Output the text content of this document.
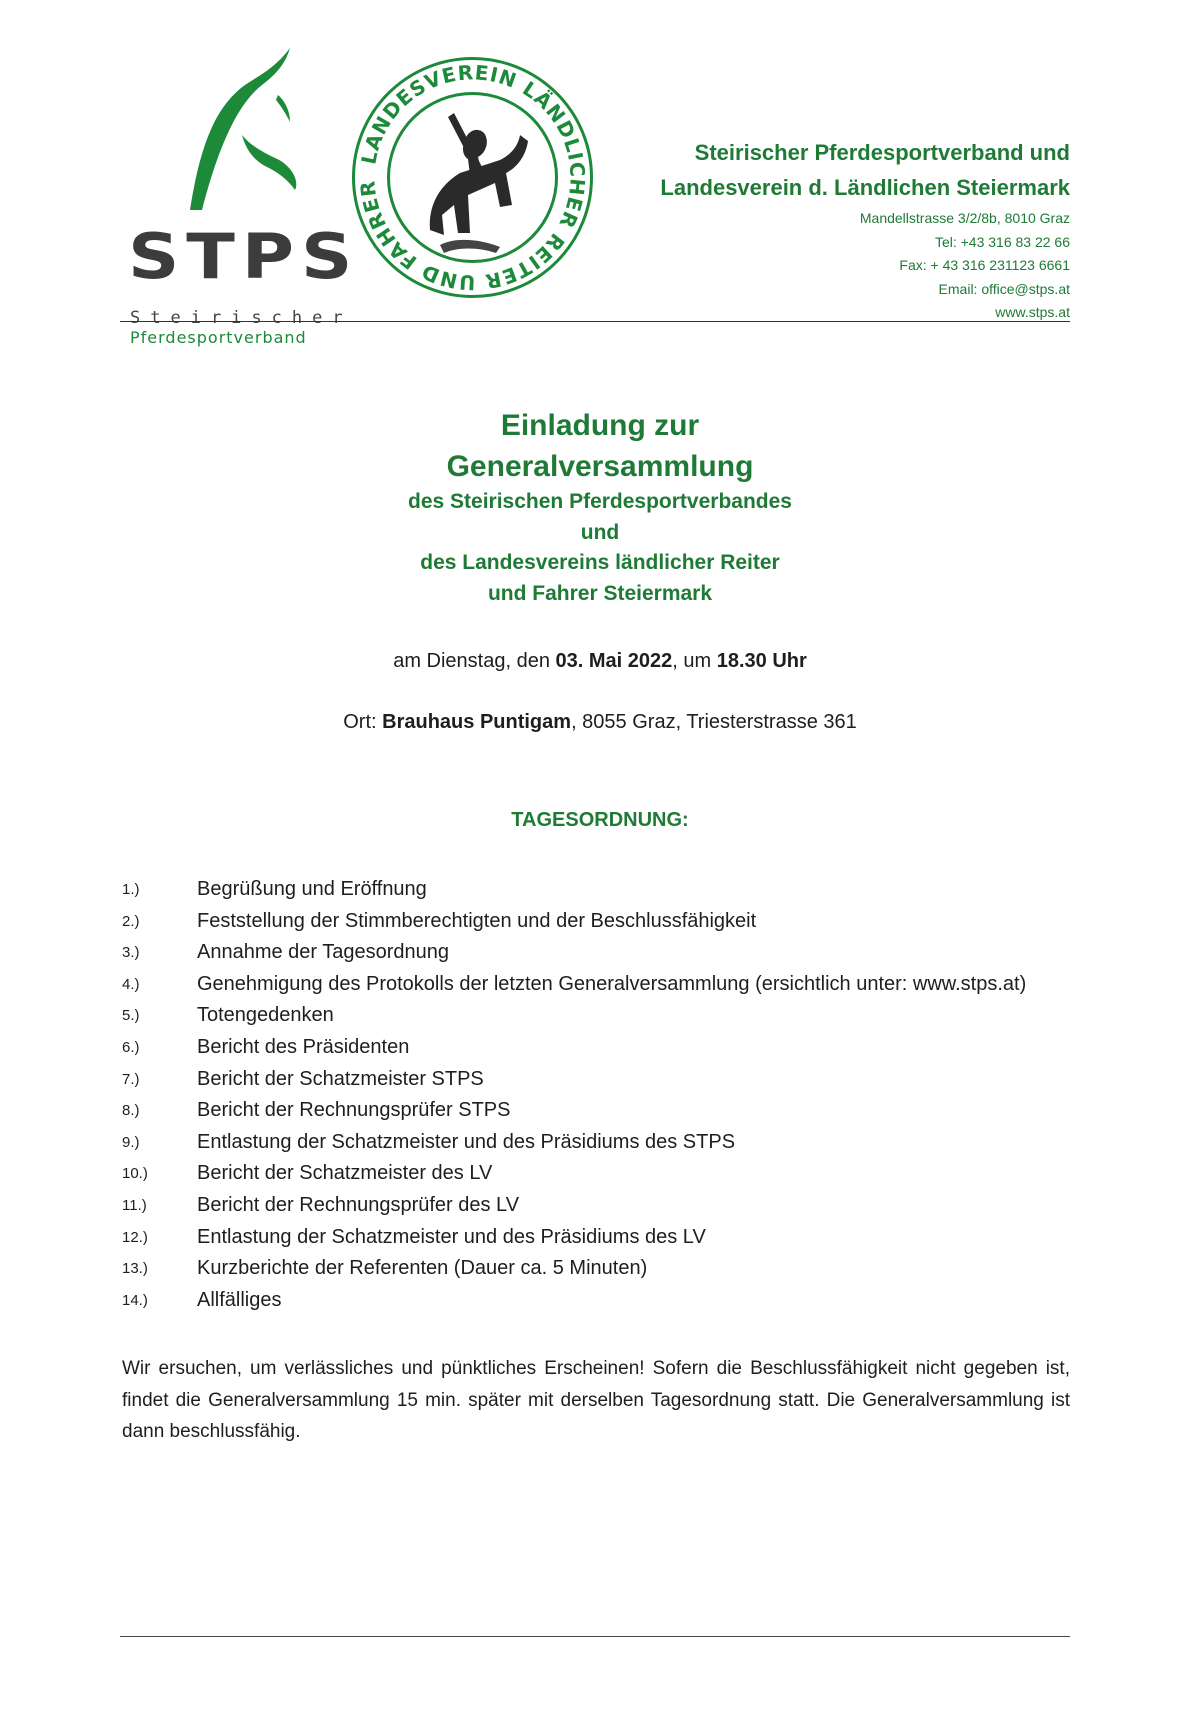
STPS
Steirischer
Pferdesportverband
LANDESVEREIN LÄNDLICHER REITER UND FAHRER
Steirischer Pferdesportverband und
Landesverein d. Ländlichen Steiermark
Mandellstrasse 3/2/8b, 8010 Graz
Tel: +43 316 83 22 66
Fax: + 43 316 231123 6661
Email: office@stps.at
www.stps.at
Einladung zur
Generalversammlung
des Steirischen Pferdesportverbandes
und
des Landesvereins ländlicher Reiter
und Fahrer Steiermark
am Dienstag, den 03. Mai 2022, um 18.30 Uhr
Ort: Brauhaus Puntigam, 8055 Graz, Triesterstrasse 361
TAGESORDNUNG:
1.)	Begrüßung und Eröffnung
2.)	Feststellung der Stimmberechtigten und der Beschlussfähigkeit
3.)	Annahme der Tagesordnung
4.)	Genehmigung des Protokolls der letzten Generalversammlung (ersichtlich unter: www.stps.at)
5.)	Totengedenken
6.)	Bericht des Präsidenten
7.)	Bericht der Schatzmeister STPS
8.)	Bericht der Rechnungsprüfer STPS
9.)	Entlastung der Schatzmeister und des Präsidiums des STPS
10.) Bericht der Schatzmeister des LV
11.)	Bericht der Rechnungsprüfer des LV
12.) Entlastung der Schatzmeister und des Präsidiums des LV
13.) Kurzberichte der Referenten (Dauer ca. 5 Minuten)
14.) Allfälliges
Wir ersuchen, um verlässliches und pünktliches Erscheinen! Sofern die Beschlussfähigkeit nicht gegeben ist, findet die Generalversammlung 15 min. später mit derselben Tagesordnung statt. Die Generalversammlung ist dann beschlussfähig.
